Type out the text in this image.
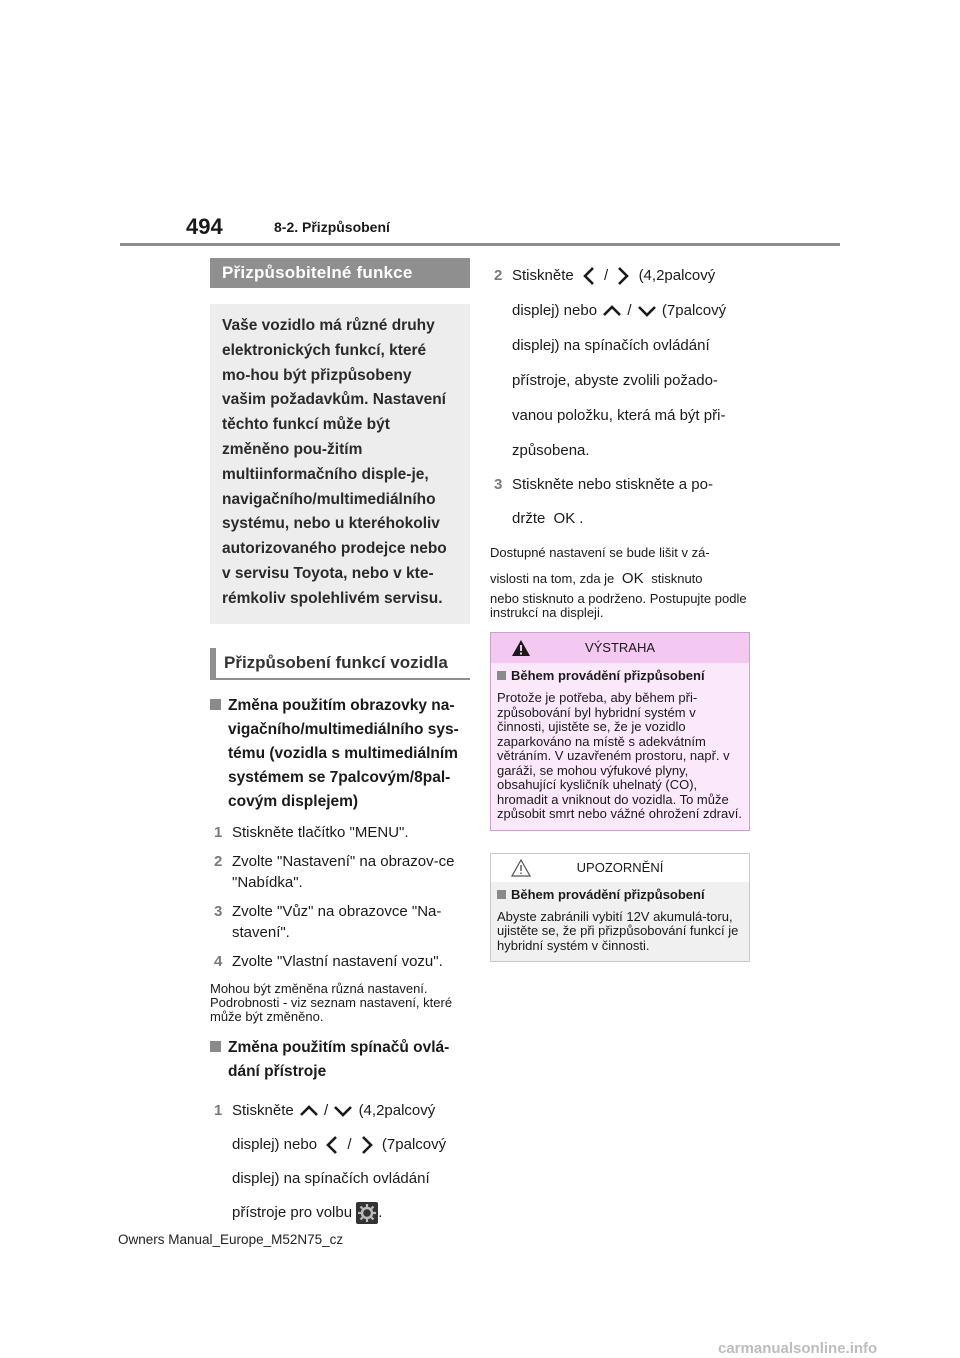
494	8-2. Přizpůsobení
Přizpůsobitelné funkce
Vaše vozidlo má různé druhy elektronických funkcí, které mo-hou být přizpůsobeny vašim požadavkům. Nastavení těchto funkcí může být změněno pou-žitím multiinformačního disple-je, navigačního/multimediálního systému, nebo u kteréhokoliv autorizovaného prodejce nebo v servisu Toyota, nebo v kte-rémkoliv spolehlivém servisu.
Přizpůsobení funkcí vozidla
Změna použitím obrazovky na-vigačního/multimediálního sys-tému (vozidla s multimediálním systémem se 7palcovým/8pal-covým displejem)
1 Stiskněte tlačítko "MENU".
2 Zvolte "Nastavení" na obrazov-ce "Nabídka".
3 Zvolte "Vůz" na obrazovce "Na-stavení".
4 Zvolte "Vlastní nastavení vozu".
Mohou být změněna různá nastavení. Podrobnosti - viz seznam nastavení, které může být změněno.
Změna použitím spínačů ovlá-dání přístroje
1 Stiskněte / (4,2palcový
displej) nebo / (7palcový
displej) na spínačích ovládání
přístroje pro volbu .
2 Stiskněte / (4,2palcový
displej) nebo / (7palcový
displej) na spínačích ovládání přístroje, abyste zvolili požado-vanou položku, která má být při-způsobena.
3 Stiskněte nebo stiskněte a po-
držte OK .
Dostupné nastavení se bude lišit v zá-
vislosti na tom, zda je OK stisknuto
nebo stisknuto a podrženo. Postupujte podle instrukcí na displeji.
VÝSTRAHA
Během provádění přizpůsobení
Protože je potřeba, aby během při-způsobování byl hybridní systém v činnosti, ujistěte se, že je vozidlo zaparkováno na místě s adekvátním větráním. V uzavřeném prostoru, např. v garáži, se mohou výfukové plyny, obsahující kysličník uhelnatý (CO), hromadit a vniknout do vozidla. To může způsobit smrt nebo vážné ohrožení zdraví.
UPOZORNĚNÍ
Během provádění přizpůsobení
Abyste zabránili vybití 12V akumulá-toru, ujistěte se, že při přizpůsobování funkcí je hybridní systém v činnosti.
Owners Manual_Europe_M52N75_cz
carmanualsonline.info
